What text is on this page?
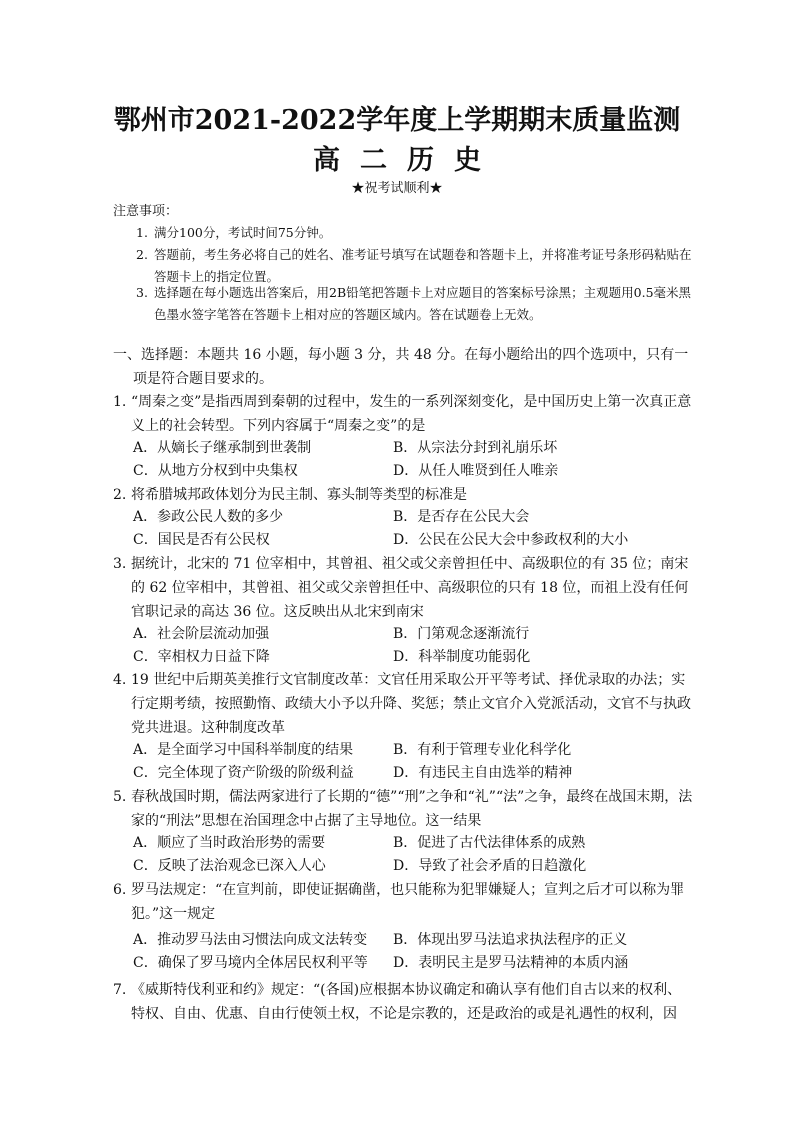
鄂州市2021-2022学年度上学期期末质量监测
高二历史
★祝考试顺利★
注意事项：
1. 满分100分，考试时间75分钟。
2. 答题前，考生务必将自己的姓名、准考证号填写在试题卷和答题卡上，并将准考证号条形码粘贴在答题卡上的指定位置。
3. 选择题在每小题选出答案后，用2B铅笔把答题卡上对应题目的答案标号涂黑；主观题用0.5毫米黑色墨水签字笔答在答题卡上相对应的答题区域内。答在试题卷上无效。
一、选择题：本题共 16 小题，每小题 3 分，共 48 分。在每小题给出的四个选项中，只有一
项是符合题目要求的。
1. “周秦之变”是指西周到秦朝的过程中，发生的一系列深刻变化，是中国历史上第一次真正意义上的社会转型。下列内容属于“周秦之变”的是
A．从嫡长子继承制到世袭制	B．从宗法分封到礼崩乐坏
C．从地方分权到中央集权	D．从任人唯贤到任人唯亲
2. 将希腊城邦政体划分为民主制、寡头制等类型的标准是
A．参政公民人数的多少	B．是否存在公民大会
C．国民是否有公民权	D．公民在公民大会中参政权利的大小
3. 据统计，北宋的 71 位宰相中，其曾祖、祖父或父亲曾担任中、高级职位的有 35 位；南宋的 62 位宰相中，其曾祖、祖父或父亲曾担任中、高级职位的只有 18 位，而祖上没有任何官职记录的高达 36 位。这反映出从北宋到南宋
A．社会阶层流动加强	B．门第观念逐渐流行
C．宰相权力日益下降	D．科举制度功能弱化
4. 19 世纪中后期英美推行文官制度改革：文官任用采取公开平等考试、择优录取的办法；实行定期考绩，按照勤惰、政绩大小予以升降、奖惩；禁止文官介入党派活动，文官不与执政党共进退。这种制度改革
A．是全面学习中国科举制度的结果	B．有利于管理专业化科学化
C．完全体现了资产阶级的阶级利益	D．有违民主自由选举的精神
5. 春秋战国时期，儒法两家进行了长期的“德”“刑”之争和“礼”“法”之争，最终在战国末期，法家的“刑法”思想在治国理念中占据了主导地位。这一结果
A．顺应了当时政治形势的需要	B．促进了古代法律体系的成熟
C．反映了法治观念已深入人心	D．导致了社会矛盾的日趋激化
6. 罗马法规定：“在宣判前，即使证据确凿，也只能称为犯罪嫌疑人；宣判之后才可以称为罪犯。”这一规定
A．推动罗马法由习惯法向成文法转变 B．体现出罗马法追求执法程序的正义
C．确保了罗马境内全体居民权利平等 D．表明民主是罗马法精神的本质内涵
7. 《威斯特伐利亚和约》规定：“(各国)应根据本协议确定和确认享有他们自古以来的权利、特权、自由、优惠、自由行使领土权，不论是宗教的，还是政治的或是礼遇性的权利，因
